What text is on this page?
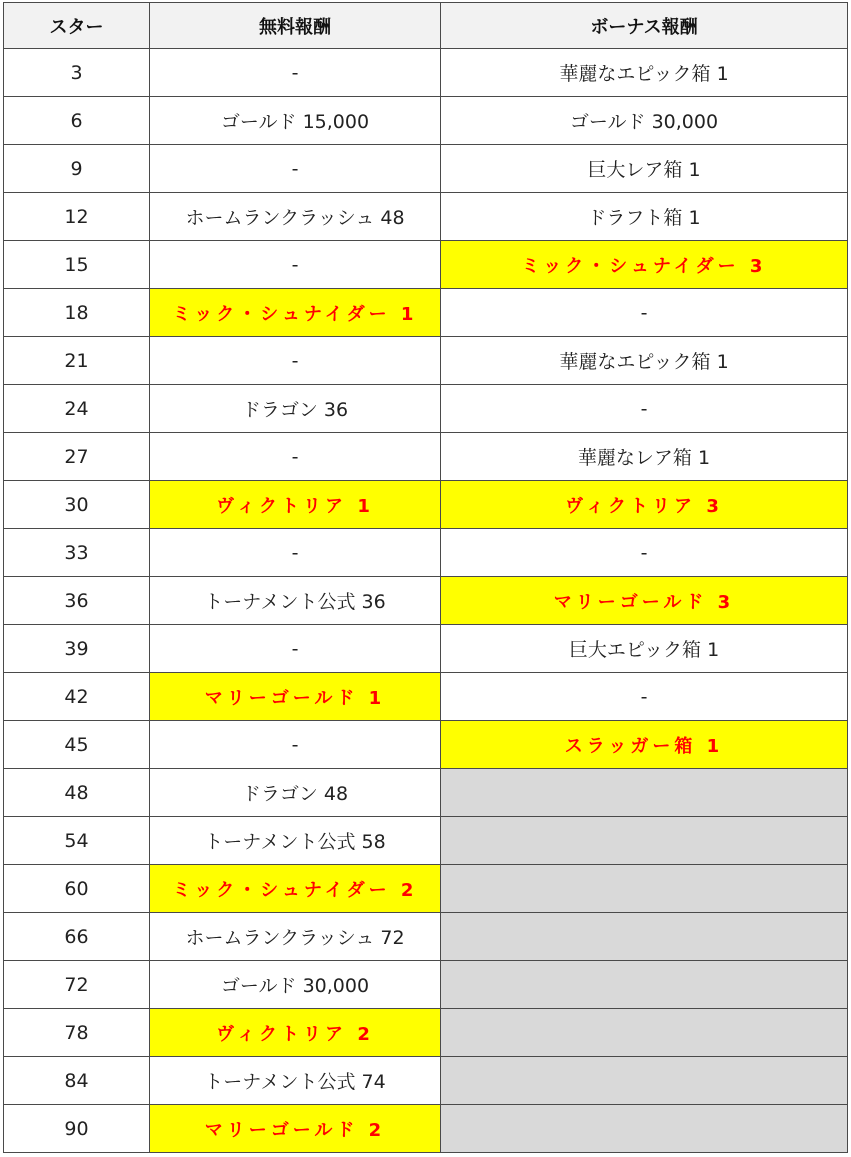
スター	無料報酬	ボーナス報酬
3	-	華麗なエピック箱 1
6	ゴールド 15,000	ゴールド 30,000
9	-	巨大レア箱 1
12	ホームランクラッシュ 48	ドラフト箱 1
15	-	ミック・シュナイダー 3
18	ミック・シュナイダー 1	-
21	-	華麗なエピック箱 1
24	ドラゴン 36	-
27	-	華麗なレア箱 1
30	ヴィクトリア 1	ヴィクトリア 3
33	-	-
36	トーナメント公式 36	マリーゴールド 3
39	-	巨大エピック箱 1
42	マリーゴールド 1	-
45	-	スラッガー箱 1
48	ドラゴン 48	
54	トーナメント公式 58	
60	ミック・シュナイダー 2	
66	ホームランクラッシュ 72	
72	ゴールド 30,000	
78	ヴィクトリア 2	
84	トーナメント公式 74	
90	マリーゴールド 2	
